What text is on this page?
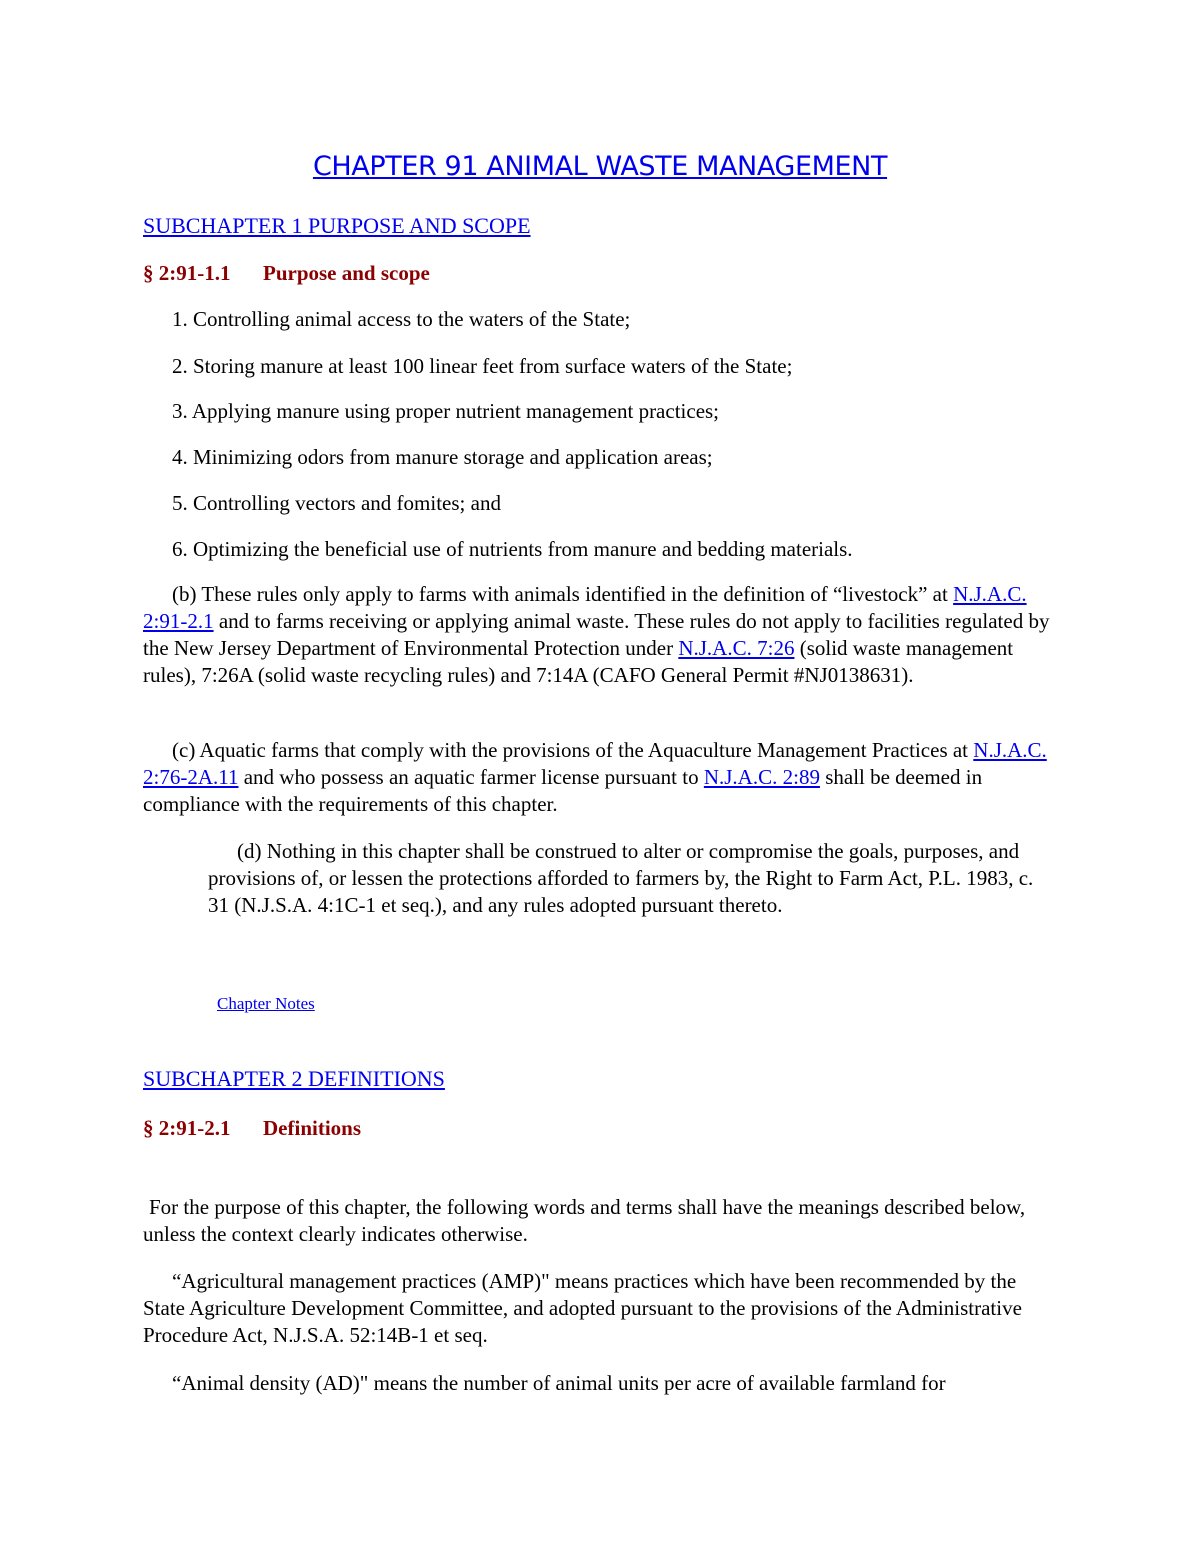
CHAPTER 91 ANIMAL WASTE MANAGEMENT
SUBCHAPTER 1 PURPOSE AND SCOPE
§ 2:91-1.1 Purpose and scope
1. Controlling animal access to the waters of the State;
2. Storing manure at least 100 linear feet from surface waters of the State;
3. Applying manure using proper nutrient management practices;
4. Minimizing odors from manure storage and application areas;
5. Controlling vectors and fomites; and
6. Optimizing the beneficial use of nutrients from manure and bedding materials.
(b) These rules only apply to farms with animals identified in the definition of “livestock” at N.J.A.C. 2:91-2.1 and to farms receiving or applying animal waste. These rules do not apply to facilities regulated by the New Jersey Department of Environmental Protection under N.J.A.C. 7:26 (solid waste management rules), 7:26A (solid waste recycling rules) and 7:14A (CAFO General Permit #NJ0138631).
(c) Aquatic farms that comply with the provisions of the Aquaculture Management Practices at N.J.A.C. 2:76-2A.11 and who possess an aquatic farmer license pursuant to N.J.A.C. 2:89 shall be deemed in compliance with the requirements of this chapter.
(d) Nothing in this chapter shall be construed to alter or compromise the goals, purposes, and provisions of, or lessen the protections afforded to farmers by, the Right to Farm Act, P.L. 1983, c. 31 (N.J.S.A. 4:1C-1 et seq.), and any rules adopted pursuant thereto.
Chapter Notes
SUBCHAPTER 2 DEFINITIONS
§ 2:91-2.1 Definitions
For the purpose of this chapter, the following words and terms shall have the meanings described below, unless the context clearly indicates otherwise.
“Agricultural management practices (AMP)" means practices which have been recommended by the State Agriculture Development Committee, and adopted pursuant to the provisions of the Administrative Procedure Act, N.J.S.A. 52:14B-1 et seq.
“Animal density (AD)" means the number of animal units per acre of available farmland for
